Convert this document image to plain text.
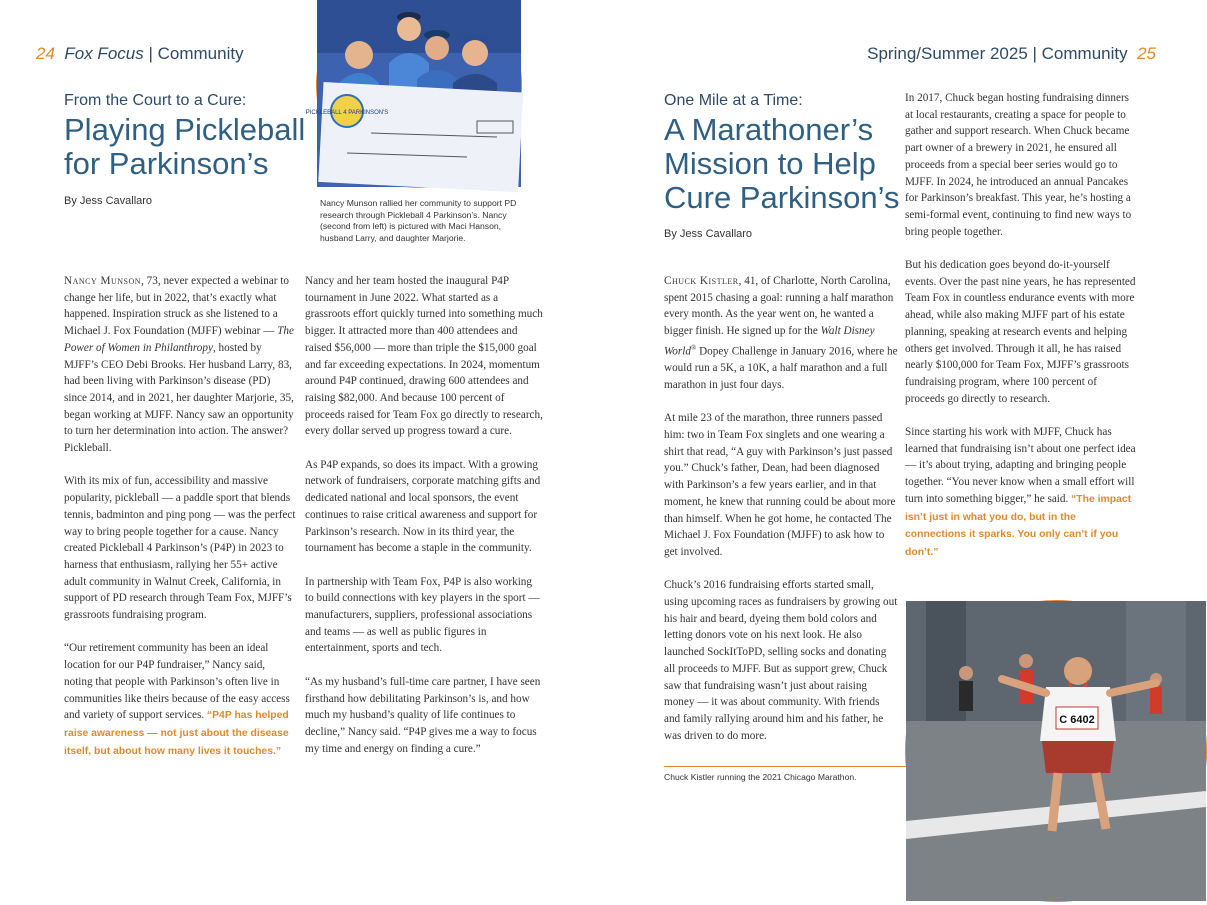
24 Fox Focus | Community	Spring/Summer 2025 | Community 25
From the Court to a Cure:
Playing Pickleball
for Parkinson’s
By Jess Cavallaro
PICKLEBALL 4 PARKINSON'S
Nancy Munson rallied her community to support PD research through Pickleball 4 Parkinson’s. Nancy (second from left) is pictured with Maci Hanson, husband Larry, and daughter Marjorie.

Nancy Munson, 73, never expected a webinar to change her life, but in 2022, that’s exactly what happened. Inspiration struck as she listened to a Michael J. Fox Foundation (MJFF) webinar — The Power of Women in Philanthropy, hosted by MJFF’s CEO Debi Brooks. Her husband Larry, 83, had been living with Parkinson’s disease (PD) since 2014, and in 2021, her daughter Marjorie, 35, began working at MJFF. Nancy saw an opportunity to turn her determination into action. The answer? Pickleball.

With its mix of fun, accessibility and massive popularity, pickleball — a paddle sport that blends tennis, badminton and ping pong — was the perfect way to bring people together for a cause. Nancy created Pickleball 4 Parkinson’s (P4P) in 2023 to harness that enthusiasm, rallying her 55+ active adult community in Walnut Creek, California, in support of PD research through Team Fox, MJFF’s grassroots fundraising program.

“Our retirement community has been an ideal location for our P4P fundraiser,” Nancy said, noting that people with Parkinson’s often live in communities like theirs because of the easy access and variety of support services. “P4P has helped raise awareness — not just about the disease itself, but about how many lives it touches.”

Nancy and her team hosted the inaugural P4P tournament in June 2022. What started as a grassroots effort quickly turned into something much bigger. It attracted more than 400 attendees and raised $56,000 — more than triple the $15,000 goal and far exceeding expectations. In 2024, momentum around P4P continued, drawing 600 attendees and raising $82,000. And because 100 percent of proceeds raised for Team Fox go directly to research, every dollar served up progress toward a cure.

As P4P expands, so does its impact. With a growing network of fundraisers, corporate matching gifts and dedicated national and local sponsors, the event continues to raise critical awareness and support for Parkinson’s research. Now in its third year, the tournament has become a staple in the community.

In partnership with Team Fox, P4P is also working to build connections with key players in the sport — manufacturers, suppliers, professional associations and teams — as well as public figures in entertainment, sports and tech.

“As my husband’s full-time care partner, I have seen firsthand how debilitating Parkinson’s is, and how much my husband’s quality of life continues to decline,” Nancy said. “P4P gives me a way to focus my time and energy on finding a cure.”

One Mile at a Time:
A Marathoner’s
Mission to Help
Cure Parkinson’s
By Jess Cavallaro

Chuck Kistler, 41, of Charlotte, North Carolina, spent 2015 chasing a goal: running a half marathon every month. As the year went on, he wanted a bigger finish. He signed up for the Walt Disney World® Dopey Challenge in January 2016, where he would run a 5K, a 10K, a half marathon and a full marathon in just four days.

At mile 23 of the marathon, three runners passed him: two in Team Fox singlets and one wearing a shirt that read, “A guy with Parkinson’s just passed you.” Chuck’s father, Dean, had been diagnosed with Parkinson’s a few years earlier, and in that moment, he knew that running could be about more than himself. When he got home, he contacted The Michael J. Fox Foundation (MJFF) to ask how to get involved.

Chuck’s 2016 fundraising efforts started small, using upcoming races as fundraisers by growing out his hair and beard, dyeing them bold colors and letting donors vote on his next look. He also launched SockItToPD, selling socks and donating all proceeds to MJFF. But as support grew, Chuck saw that fundraising wasn’t just about raising money — it was about community. With friends and family rallying around him and his father, he was driven to do more.

In 2017, Chuck began hosting fundraising dinners at local restaurants, creating a space for people to gather and support research. When Chuck became part owner of a brewery in 2021, he ensured all proceeds from a special beer series would go to MJFF. In 2024, he introduced an annual Pancakes for Parkinson’s breakfast. This year, he’s hosting a semi-formal event, continuing to find new ways to bring people together.

But his dedication goes beyond do-it-yourself events. Over the past nine years, he has represented Team Fox in countless endurance events with more ahead, while also making MJFF part of his estate planning, speaking at research events and helping others get involved. Through it all, he has raised nearly $100,000 for Team Fox, MJFF’s grassroots fundraising program, where 100 percent of proceeds go directly to research.

Since starting his work with MJFF, Chuck has learned that fundraising isn’t about one perfect idea — it’s about trying, adapting and bringing people together. “You never know when a small effort will turn into something bigger,” he said. “The impact isn’t just in what you do, but in the connections it sparks. You only can’t if you don’t.”

Chuck Kistler running the 2021 Chicago Marathon.
C 6402
